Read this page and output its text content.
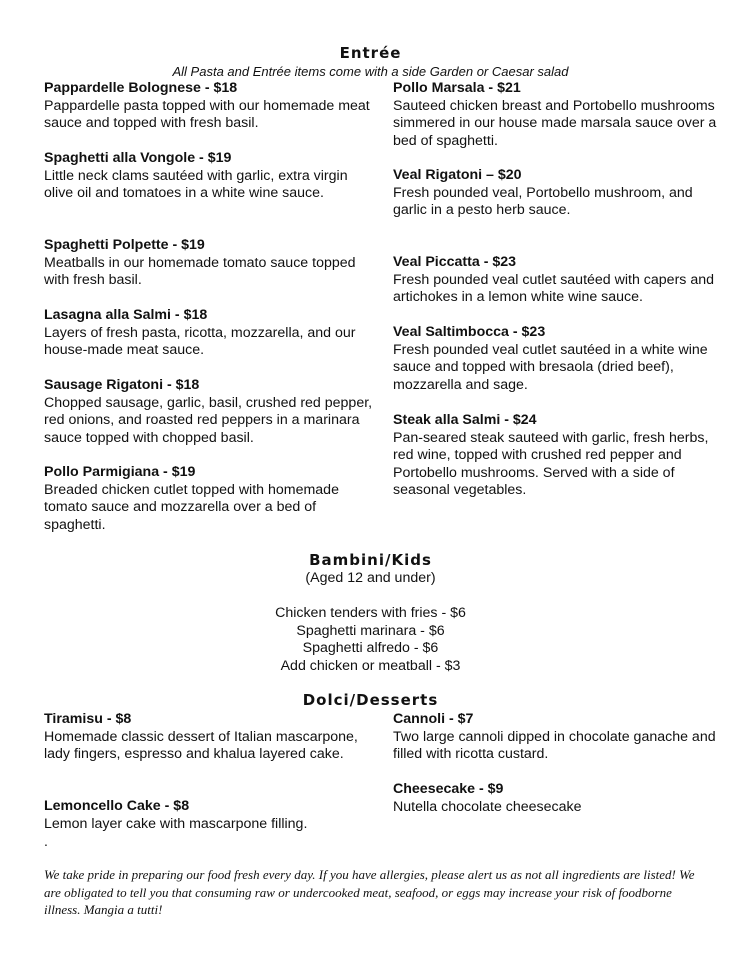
Entrée
All Pasta and Entrée items come with a side Garden or Caesar salad
Pappardelle Bolognese - $18
Pappardelle pasta topped with our homemade meat sauce and topped with fresh basil.
Spaghetti alla Vongole - $19
Little neck clams sautéed with garlic, extra virgin olive oil and tomatoes in a white wine sauce.
Spaghetti Polpette - $19
Meatballs in our homemade tomato sauce topped with fresh basil.
Lasagna alla Salmi - $18
Layers of fresh pasta, ricotta, mozzarella, and our house-made meat sauce.
Sausage Rigatoni - $18
Chopped sausage, garlic, basil, crushed red pepper, red onions, and roasted red peppers in a marinara sauce topped with chopped basil.
Pollo Parmigiana - $19
Breaded chicken cutlet topped with homemade tomato sauce and mozzarella over a bed of spaghetti.
Pollo Marsala - $21
Sauteed chicken breast and Portobello mushrooms simmered in our house made marsala sauce over a bed of spaghetti.
Veal Rigatoni – $20
Fresh pounded veal, Portobello mushroom, and garlic in a pesto herb sauce.
Veal Piccatta - $23
Fresh pounded veal cutlet sautéed with capers and artichokes in a lemon white wine sauce.
Veal Saltimbocca - $23
Fresh pounded veal cutlet sautéed in a white wine sauce and topped with bresaola (dried beef), mozzarella and sage.
Steak alla Salmi - $24
Pan-seared steak sauteed with garlic, fresh herbs, red wine, topped with crushed red pepper and Portobello mushrooms. Served with a side of seasonal vegetables.
Bambini/Kids
(Aged 12 and under)
Chicken tenders with fries - $6
Spaghetti marinara - $6
Spaghetti alfredo - $6
Add chicken or meatball - $3
Dolci/Desserts
Tiramisu - $8
Homemade classic dessert of Italian mascarpone, lady fingers, espresso and khalua layered cake.
Lemoncello Cake - $8
Lemon layer cake with mascarpone filling.
.
Cannoli - $7
Two large cannoli dipped in chocolate ganache and filled with ricotta custard.
Cheesecake - $9
Nutella chocolate cheesecake
We take pride in preparing our food fresh every day. If you have allergies, please alert us as not all ingredients are listed! We are obligated to tell you that consuming raw or undercooked meat, seafood, or eggs may increase your risk of foodborne illness. Mangia a tutti!
